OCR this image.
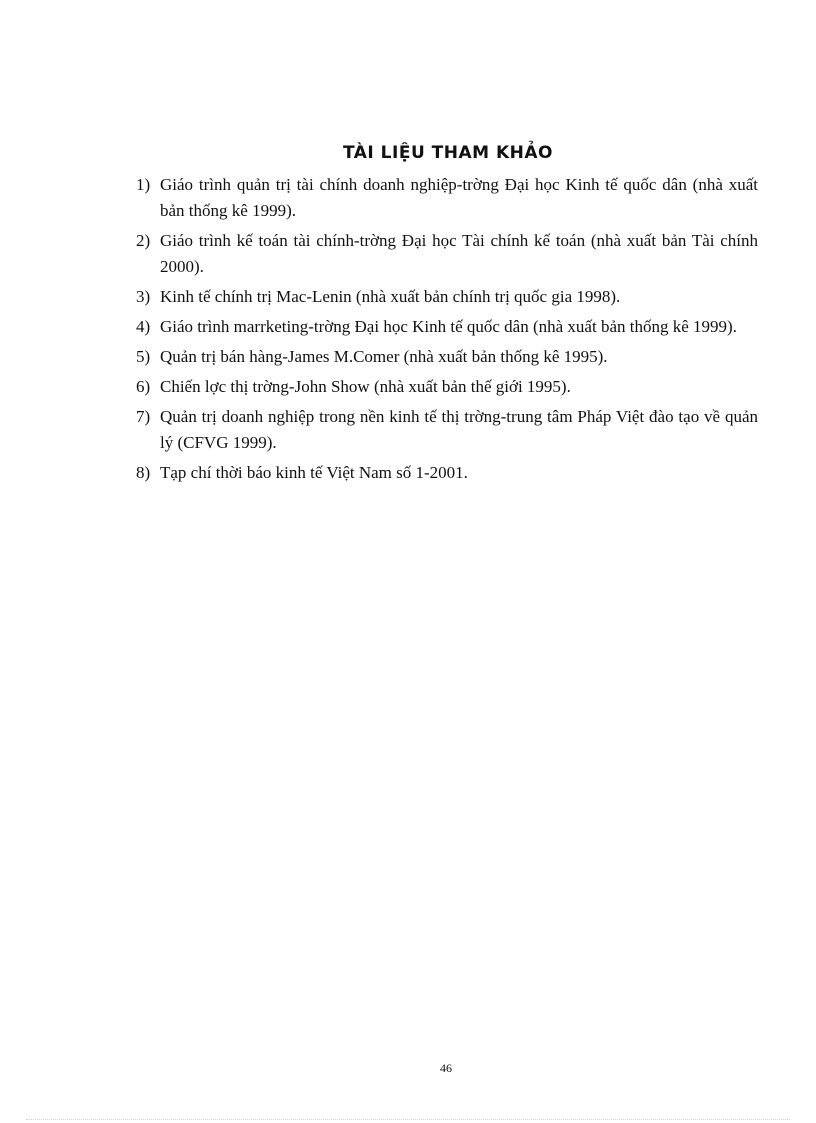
TÀI LIỆU THAM KHẢO
1) Giáo trình quản trị tài chính doanh nghiệp-trờng Đại học Kinh tế quốc dân (nhà xuất bản thống kê 1999).
2) Giáo trình kế toán tài chính-trờng Đại học Tài chính kế toán (nhà xuất bản Tài chính 2000).
3) Kinh tế chính trị Mac-Lenin (nhà xuất bản chính trị quốc gia 1998).
4) Giáo trình marrketing-trờng Đại học Kinh tế quốc dân (nhà xuất bản thống kê 1999).
5) Quản trị bán hàng-James M.Comer (nhà xuất bản thống kê 1995).
6) Chiến lợc thị trờng-John Show (nhà xuất bản thế giới 1995).
7) Quản trị doanh nghiệp trong nền kinh tế thị trờng-trung tâm Pháp Việt đào tạo về quản lý (CFVG 1999).
8) Tạp chí thời báo kinh tế Việt Nam số 1-2001.
46
